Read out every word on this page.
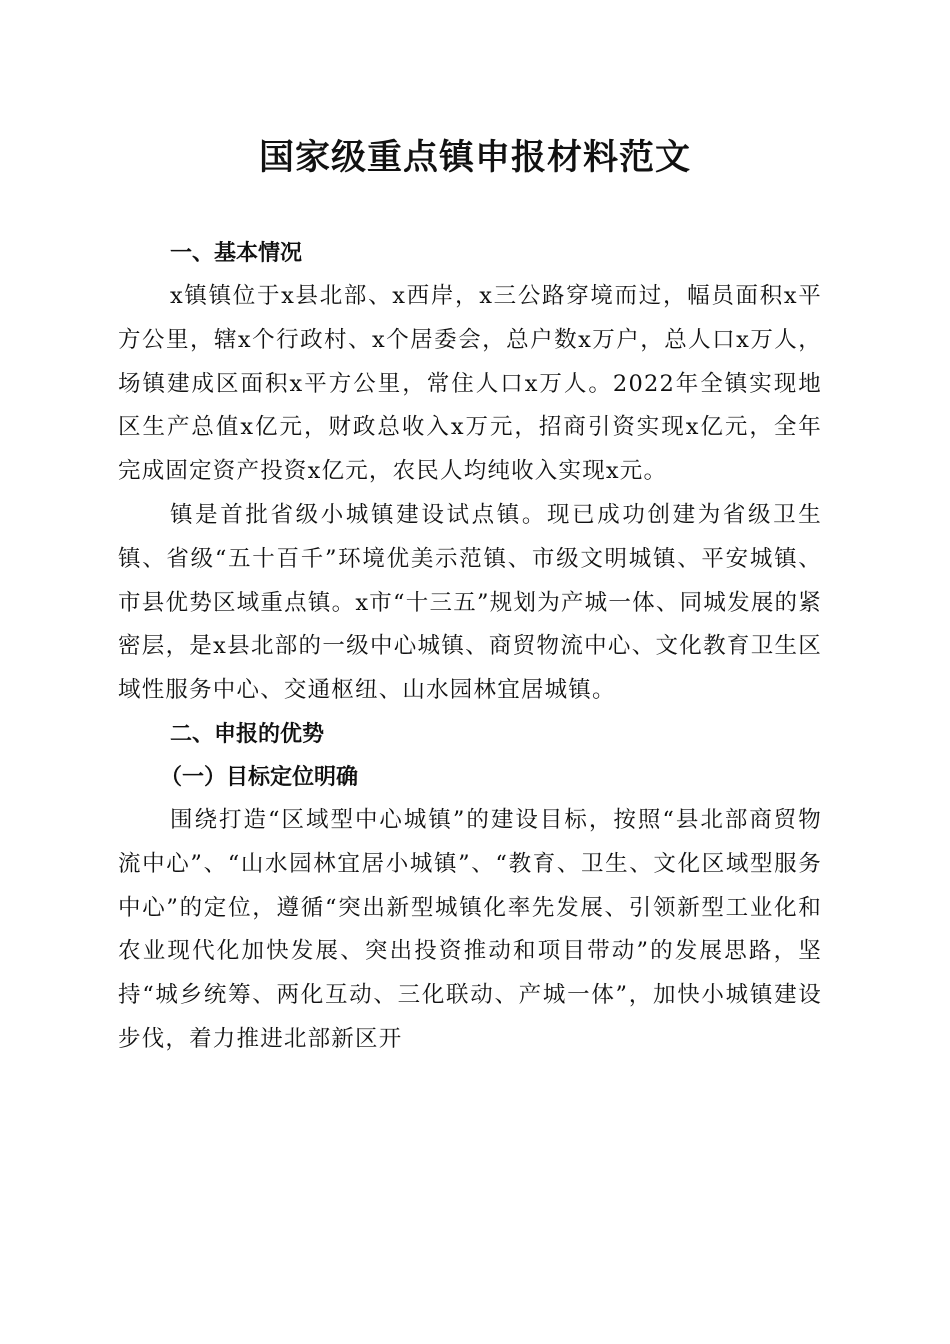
国家级重点镇申报材料范文
一、基本情况

x镇镇位于x县北部、x西岸，x三公路穿境而过，幅员面积x平方公里，辖x个行政村、x个居委会，总户数x万户，总人口x万人，场镇建成区面积x平方公里，常住人口x万人。2022年全镇实现地区生产总值x亿元，财政总收入x万元，招商引资实现x亿元，全年完成固定资产投资x亿元，农民人均纯收入实现x元。

镇是首批省级小城镇建设试点镇。现已成功创建为省级卫生镇、省级“五十百千”环境优美示范镇、市级文明城镇、平安城镇、市县优势区域重点镇。x市“十三五”规划为产城一体、同城发展的紧密层，是x县北部的一级中心城镇、商贸物流中心、文化教育卫生区域性服务中心、交通枢纽、山水园林宜居城镇。

二、申报的优势
（一）目标定位明确

围绕打造“区域型中心城镇”的建设目标，按照“县北部商贸物流中心”、“山水园林宜居小城镇”、“教育、卫生、文化区域型服务中心”的定位，遵循“突出新型城镇化率先发展、引领新型工业化和农业现代化加快发展、突出投资推动和项目带动”的发展思路，坚持“城乡统筹、两化互动、三化联动、产城一体”，加快小城镇建设步伐，着力推进北部新区开
